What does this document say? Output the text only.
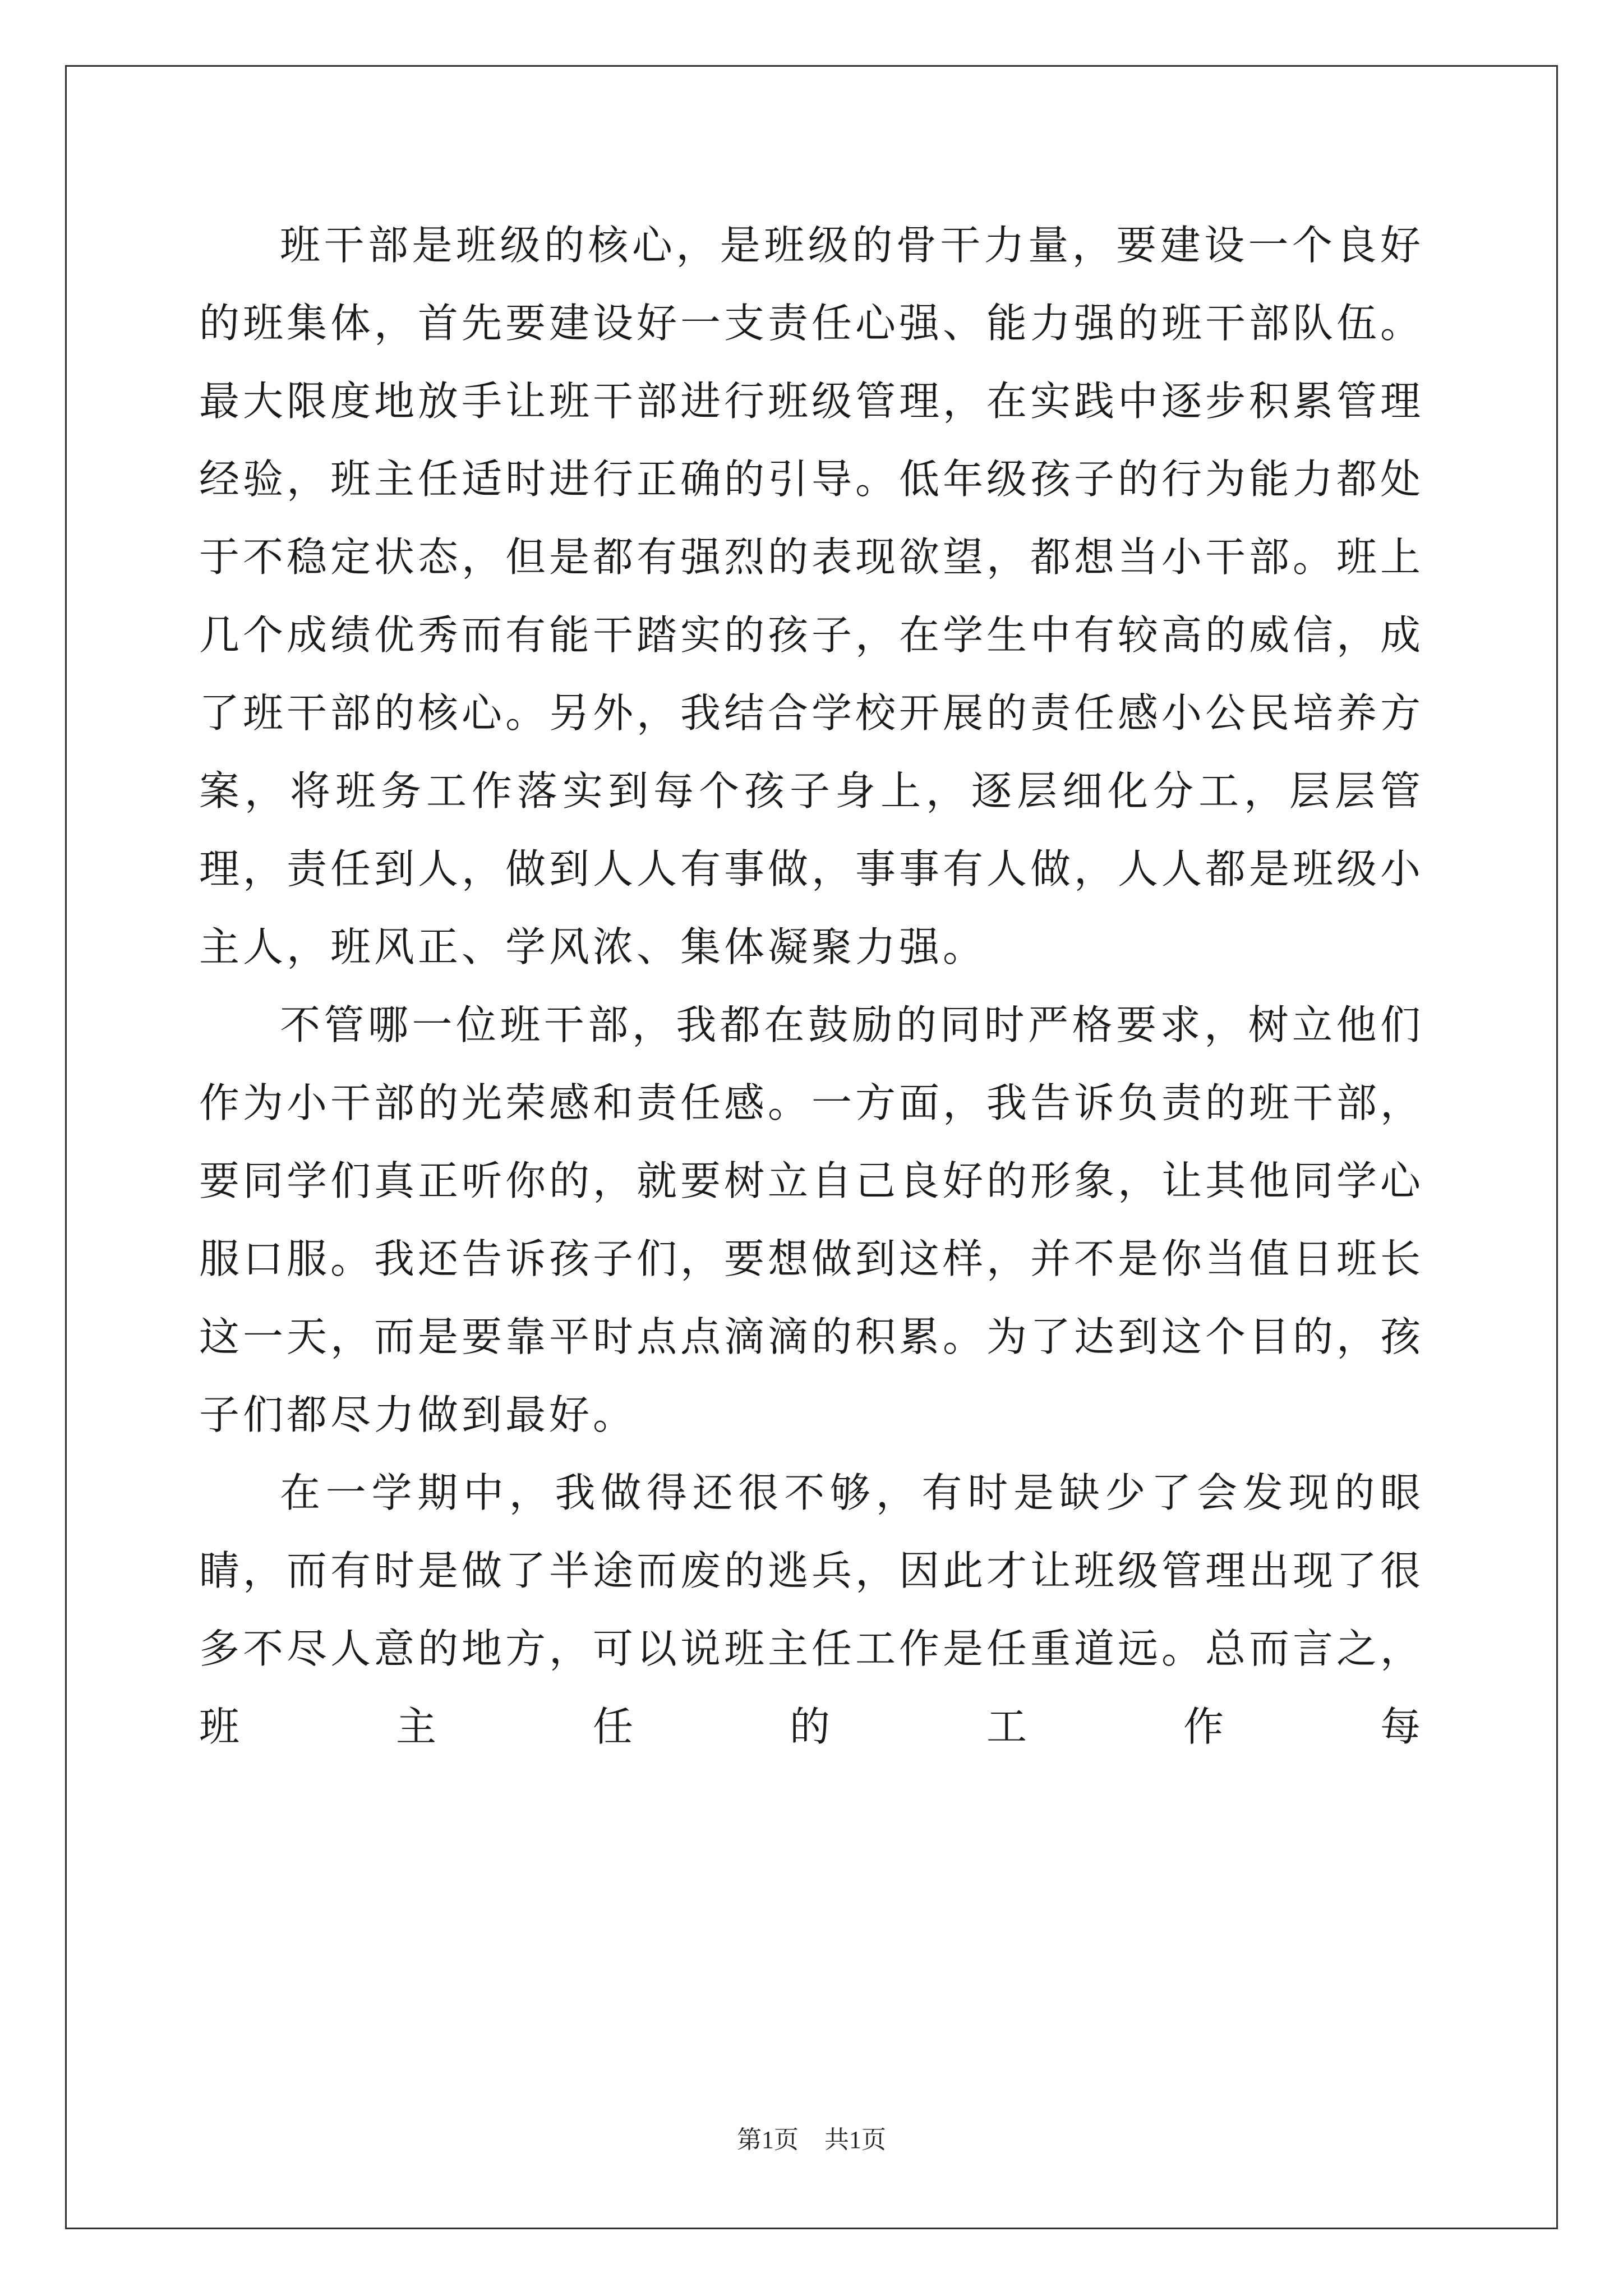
班干部是班级的核心，是班级的骨干力量，要建设一个良好的班集体，首先要建设好一支责任心强、能力强的班干部队伍。最大限度地放手让班干部进行班级管理，在实践中逐步积累管理经验，班主任适时进行正确的引导。低年级孩子的行为能力都处于不稳定状态，但是都有强烈的表现欲望，都想当小干部。班上几个成绩优秀而有能干踏实的孩子，在学生中有较高的威信，成了班干部的核心。另外，我结合学校开展的责任感小公民培养方案，将班务工作落实到每个孩子身上，逐层细化分工，层层管理，责任到人，做到人人有事做，事事有人做，人人都是班级小主人，班风正、学风浓、集体凝聚力强。

不管哪一位班干部，我都在鼓励的同时严格要求，树立他们作为小干部的光荣感和责任感。一方面，我告诉负责的班干部，要同学们真正听你的，就要树立自己良好的形象，让其他同学心服口服。我还告诉孩子们，要想做到这样，并不是你当值日班长这一天，而是要靠平时点点滴滴的积累。为了达到这个目的，孩子们都尽力做到最好。

在一学期中，我做得还很不够，有时是缺少了会发现的眼睛，而有时是做了半途而废的逃兵，因此才让班级管理出现了很多不尽人意的地方，可以说班主任工作是任重道远。总而言之，班主任的工作每

第1页 共1页
